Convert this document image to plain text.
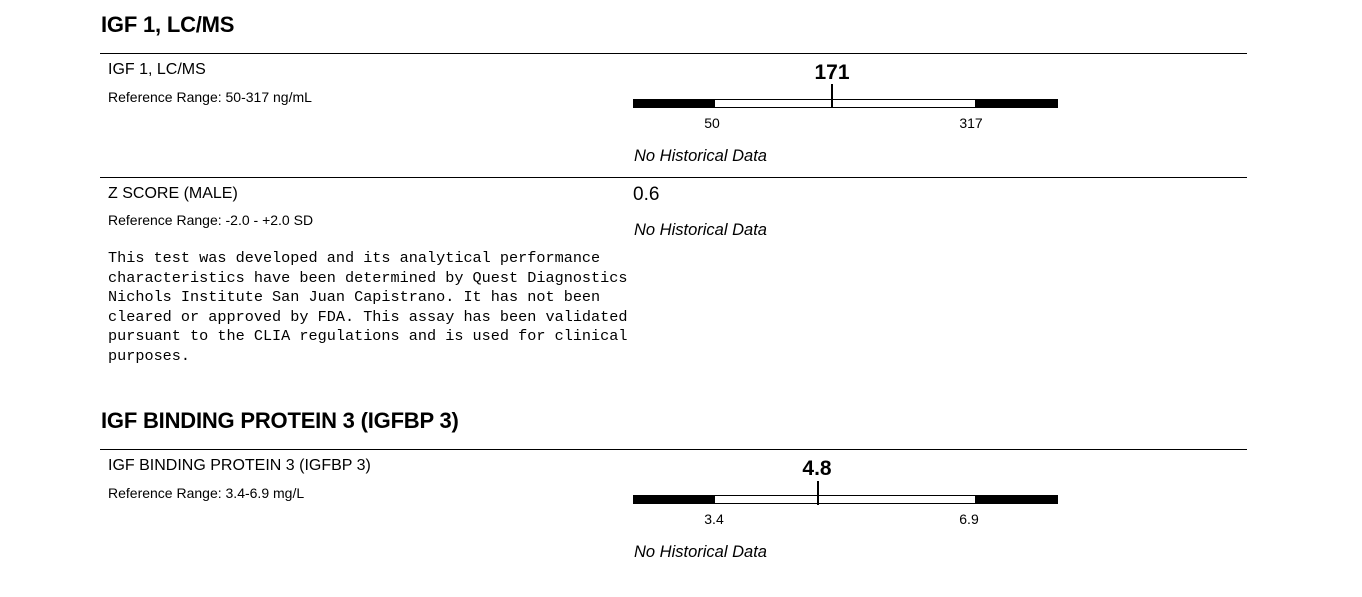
IGF 1, LC/MS
IGF 1, LC/MS
Reference Range: 50-317 ng/mL
171
50	317
No Historical Data
Z SCORE (MALE)
Reference Range: -2.0 - +2.0 SD
0.6
No Historical Data
This test was developed and its analytical performance
characteristics have been determined by Quest Diagnostics
Nichols Institute San Juan Capistrano. It has not been
cleared or approved by FDA. This assay has been validated
pursuant to the CLIA regulations and is used for clinical
purposes.
IGF BINDING PROTEIN 3 (IGFBP 3)
IGF BINDING PROTEIN 3 (IGFBP 3)
Reference Range: 3.4-6.9 mg/L
4.8
3.4	6.9
No Historical Data
